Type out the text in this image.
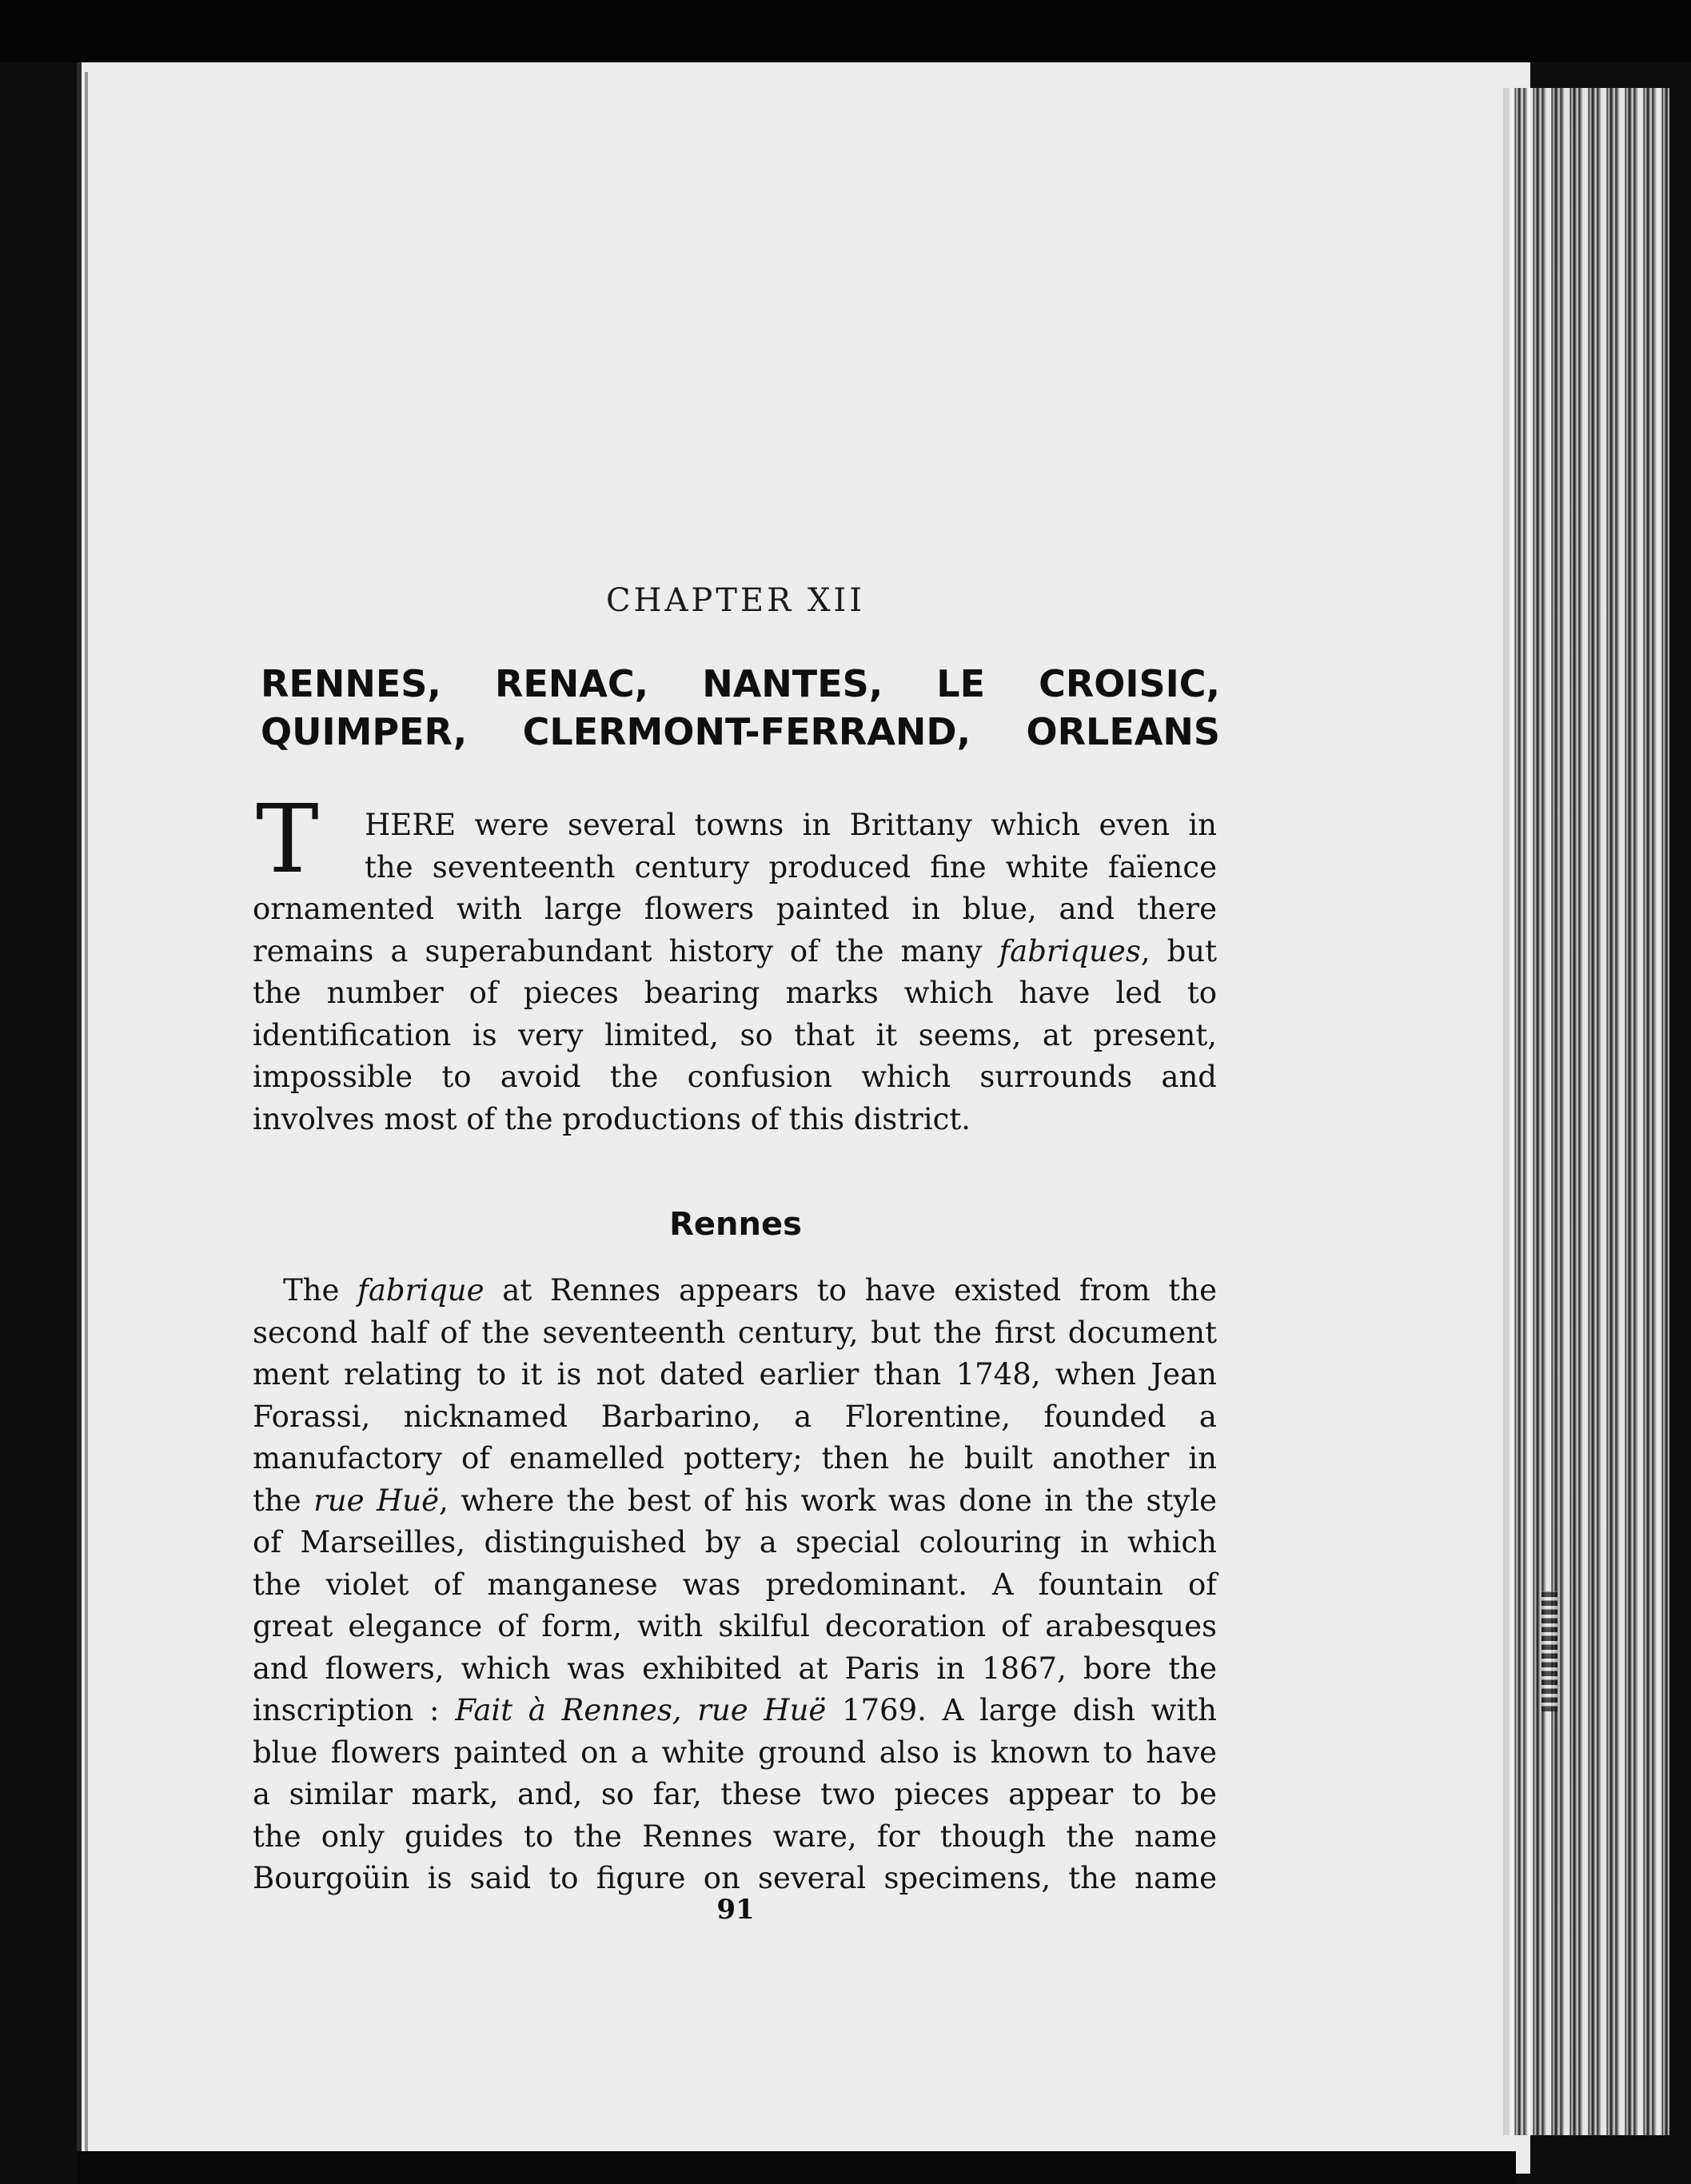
CHAPTER XII
RENNES, RENAC, NANTES, LE CROISIC,
QUIMPER, CLERMONT-FERRAND, ORLEANS
T	HERE were several towns in Brittany which even in
the seventeenth century produced fine white faïence
ornamented with large flowers painted in blue, and there
remains a superabundant history of the many fabriques, but
the number of pieces bearing marks which have led to
identification is very limited, so that it seems, at present,
impossible to avoid the confusion which surrounds and
involves most of the productions of this district.
Rennes
The fabrique at Rennes appears to have existed from the
second half of the seventeenth century, but the first document
ment relating to it is not dated earlier than 1748, when Jean
Forassi, nicknamed Barbarino, a Florentine, founded a
manufactory of enamelled pottery; then he built another in
the rue Huë, where the best of his work was done in the style
of Marseilles, distinguished by a special colouring in which
the violet of manganese was predominant. A fountain of
great elegance of form, with skilful decoration of arabesques
and flowers, which was exhibited at Paris in 1867, bore the
inscription : Fait à Rennes, rue Huë 1769. A large dish with
blue flowers painted on a white ground also is known to have
a similar mark, and, so far, these two pieces appear to be
the only guides to the Rennes ware, for though the name
Bourgoüin is said to figure on several specimens, the name
91
